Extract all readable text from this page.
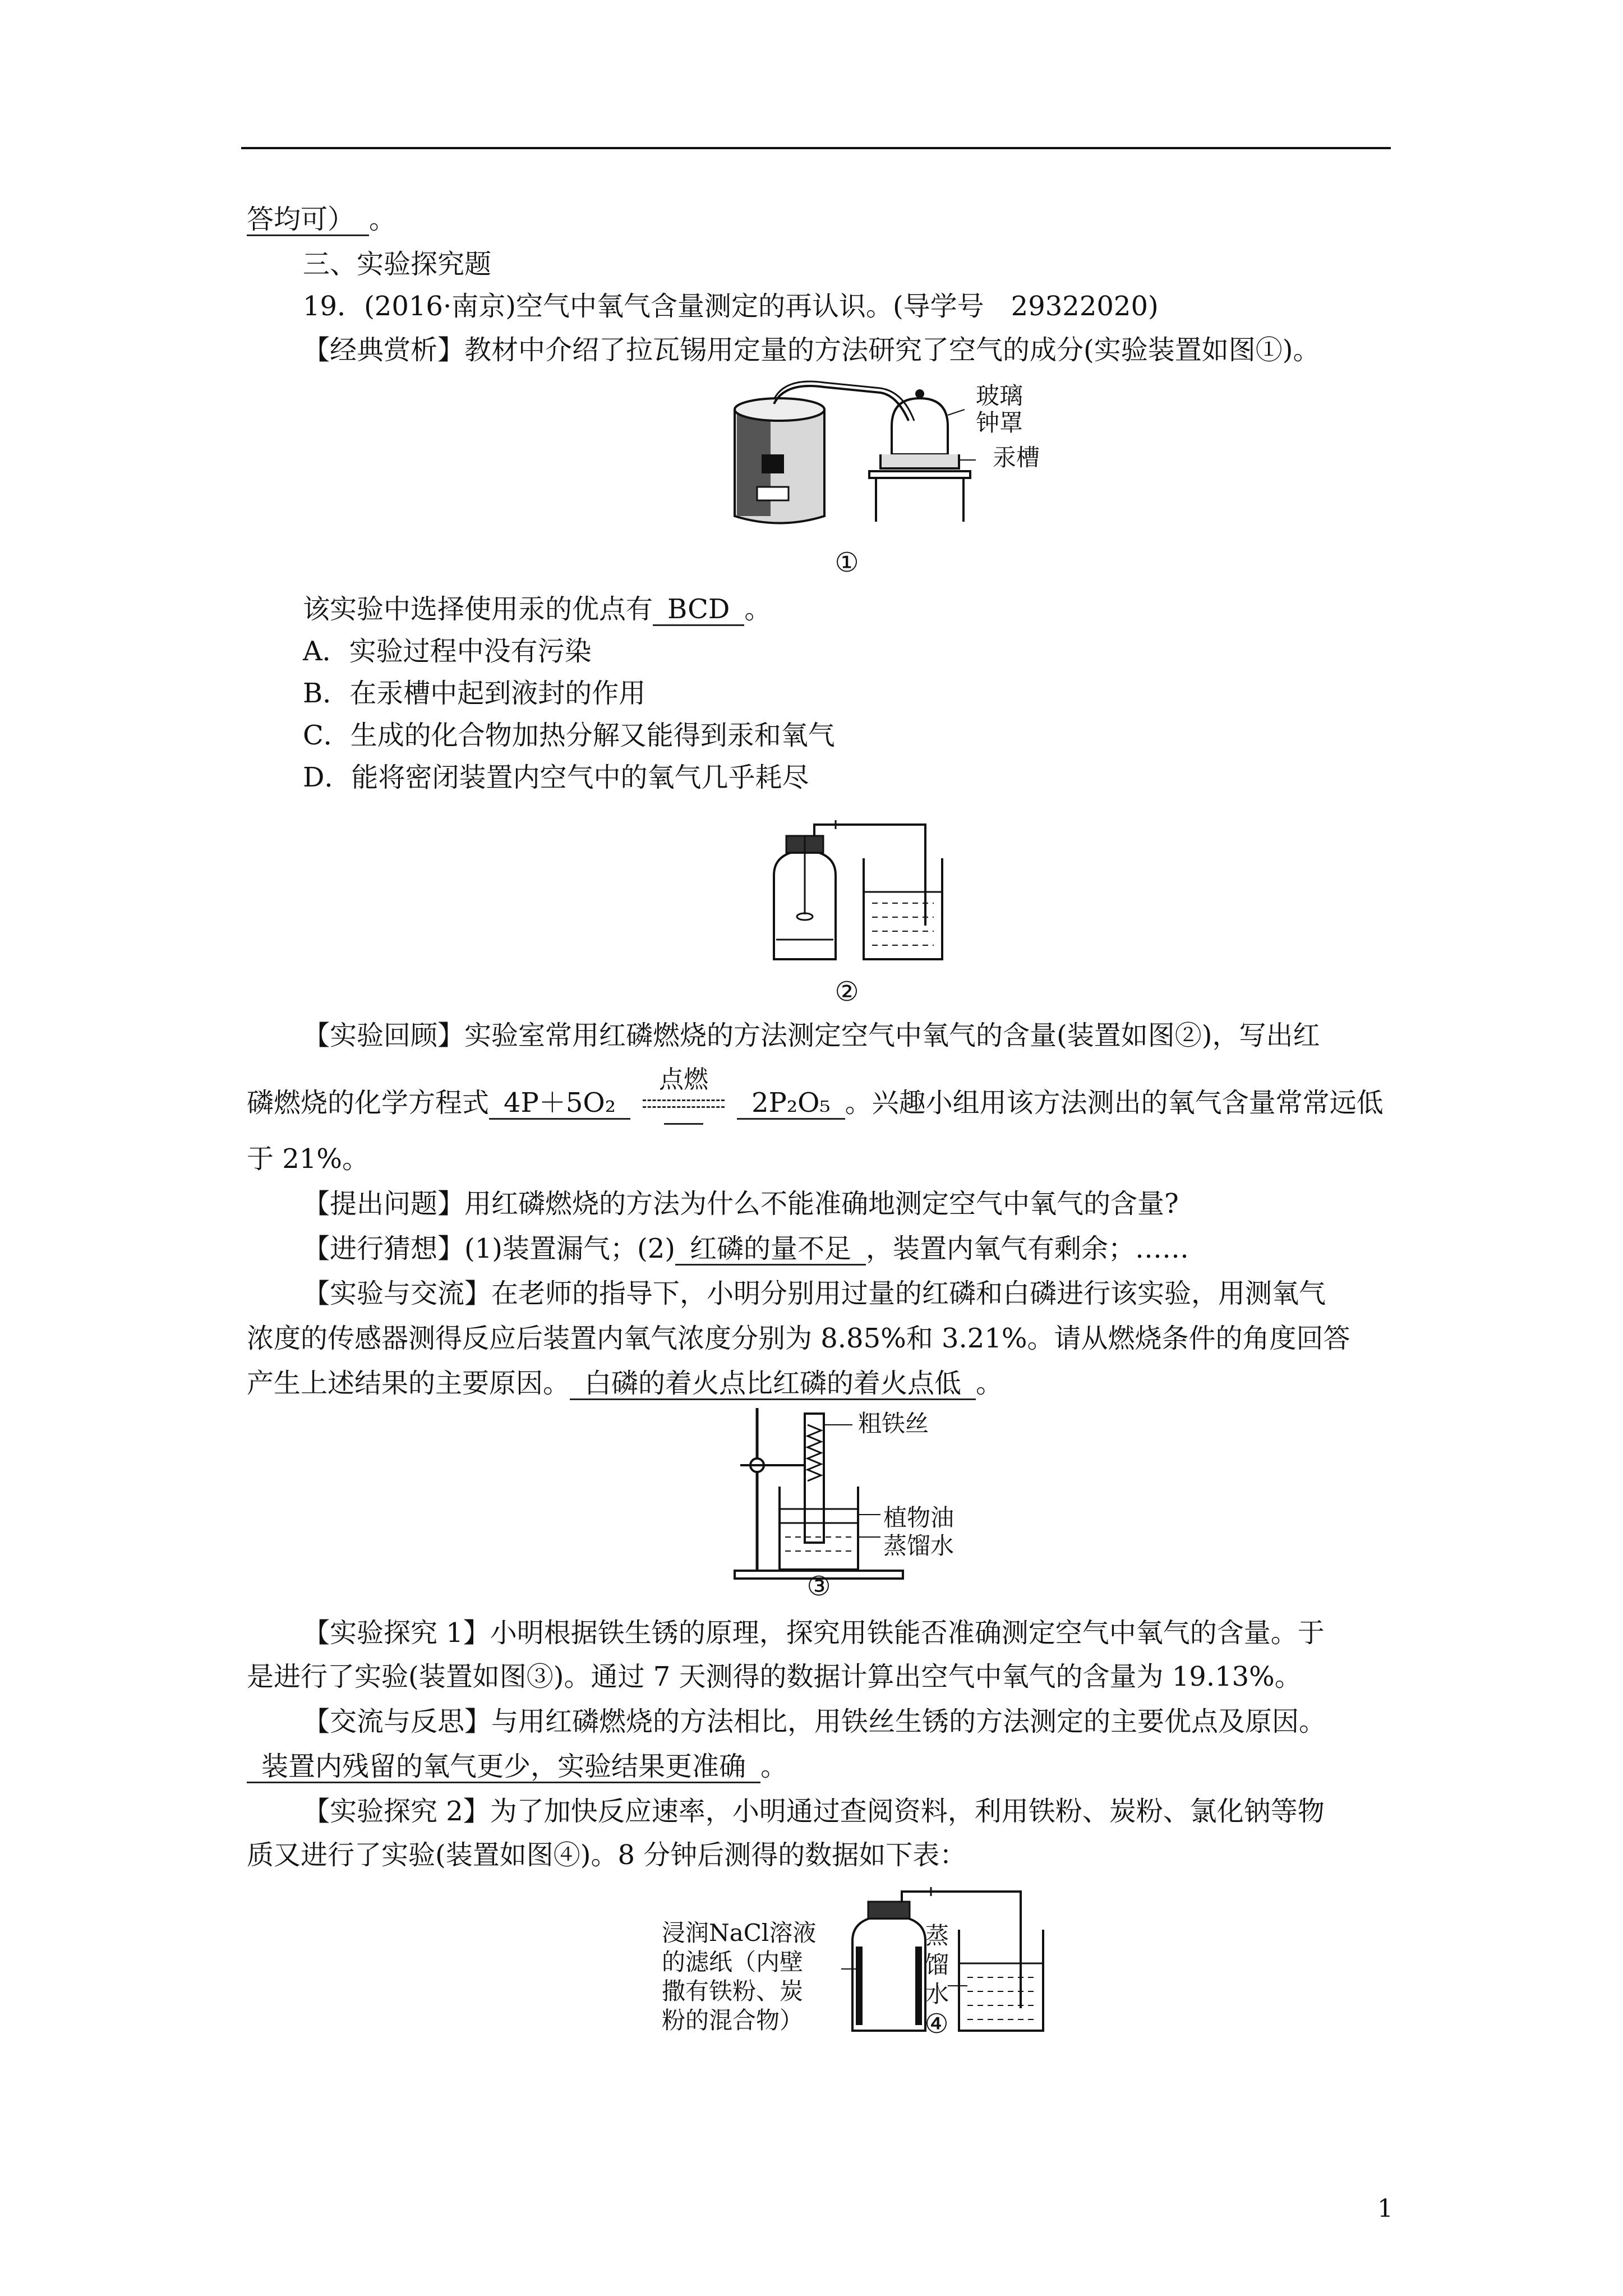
答均可） 。
三、实验探究题
19．(2016·南京)空气中氧气含量测定的再认识。(导学号　29322020)
【经典赏析】教材中介绍了拉瓦锡用定量的方法研究了空气的成分(实验装置如图①)。
玻璃
钟罩
汞槽
①
该实验中选择使用汞的优点有 BCD 。
A．实验过程中没有污染
B．在汞槽中起到液封的作用
C．生成的化合物加热分解又能得到汞和氧气
D．能将密闭装置内空气中的氧气几乎耗尽
②
【实验回顾】实验室常用红磷燃烧的方法测定空气中氧气的含量(装置如图②)，写出红
磷燃烧的化学方程式 4P＋5O₂
点燃
2P₂O₅ 。兴趣小组用该方法测出的氧气含量常常远低
于 21%。
【提出问题】用红磷燃烧的方法为什么不能准确地测定空气中氧气的含量?
【进行猜想】(1)装置漏气；(2) 红磷的量不足 ，装置内氧气有剩余；……
【实验与交流】在老师的指导下，小明分别用过量的红磷和白磷进行该实验，用测氧气
浓度的传感器测得反应后装置内氧气浓度分别为 8.85%和 3.21%。请从燃烧条件的角度回答
产生上述结果的主要原因。 白磷的着火点比红磷的着火点低 。
粗铁丝
植物油
蒸馏水
③
【实验探究 1】小明根据铁生锈的原理，探究用铁能否准确测定空气中氧气的含量。于
是进行了实验(装置如图③)。通过 7 天测得的数据计算出空气中氧气的含量为 19.13%。
【交流与反思】与用红磷燃烧的方法相比，用铁丝生锈的方法测定的主要优点及原因。
装置内残留的氧气更少，实验结果更准确 。
【实验探究 2】为了加快反应速率，小明通过查阅资料，利用铁粉、炭粉、氯化钠等物
质又进行了实验(装置如图④)。8 分钟后测得的数据如下表：
浸润NaCl溶液
的滤纸（内壁
撒有铁粉、炭
粉的混合物）
蒸
馏
水
④
1
